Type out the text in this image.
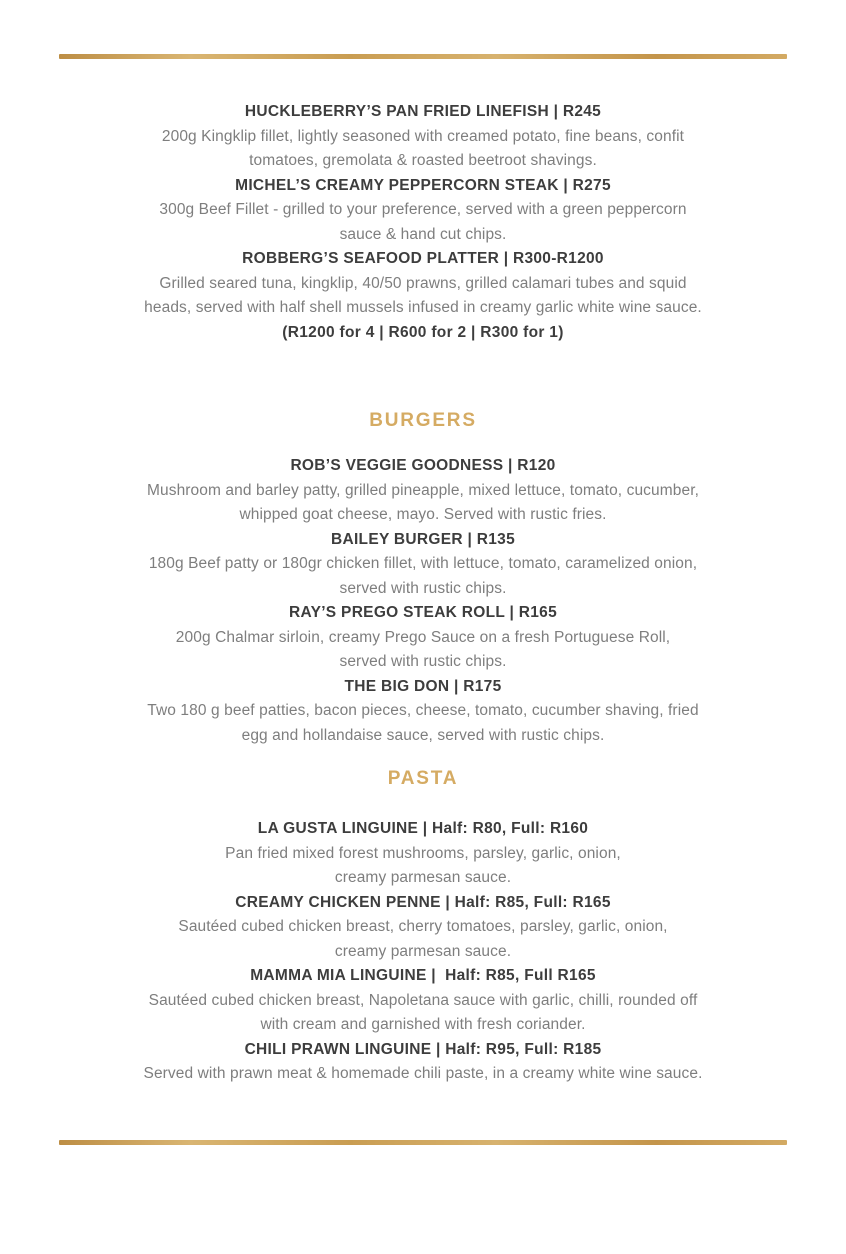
HUCKLEBERRY’S PAN FRIED LINEFISH | R245
200g Kingklip fillet, lightly seasoned with creamed potato, fine beans, confit
tomatoes, gremolata & roasted beetroot shavings.
MICHEL’S CREAMY PEPPERCORN STEAK | R275
300g Beef Fillet - grilled to your preference, served with a green peppercorn
sauce & hand cut chips.
ROBBERG’S SEAFOOD PLATTER | R300-R1200
Grilled seared tuna, kingklip, 40/50 prawns, grilled calamari tubes and squid
heads, served with half shell mussels infused in creamy garlic white wine sauce.
(R1200 for 4 | R600 for 2 | R300 for 1)
BURGERS
ROB’S VEGGIE GOODNESS | R120
Mushroom and barley patty, grilled pineapple, mixed lettuce, tomato, cucumber,
whipped goat cheese, mayo. Served with rustic fries.
BAILEY BURGER | R135
180g Beef patty or 180gr chicken fillet, with lettuce, tomato, caramelized onion,
served with rustic chips.
RAY’S PREGO STEAK ROLL | R165
200g Chalmar sirloin, creamy Prego Sauce on a fresh Portuguese Roll,
served with rustic chips.
THE BIG DON | R175
Two 180 g beef patties, bacon pieces, cheese, tomato, cucumber shaving, fried
egg and hollandaise sauce, served with rustic chips.
PASTA
LA GUSTA LINGUINE | Half: R80, Full: R160
Pan fried mixed forest mushrooms, parsley, garlic, onion,
creamy parmesan sauce.
CREAMY CHICKEN PENNE | Half: R85, Full: R165
Sautéed cubed chicken breast, cherry tomatoes, parsley, garlic, onion,
creamy parmesan sauce.
MAMMA MIA LINGUINE |  Half: R85, Full R165
Sautéed cubed chicken breast, Napoletana sauce with garlic, chilli, rounded off
with cream and garnished with fresh coriander.
CHILI PRAWN LINGUINE | Half: R95, Full: R185
Served with prawn meat & homemade chili paste, in a creamy white wine sauce.
